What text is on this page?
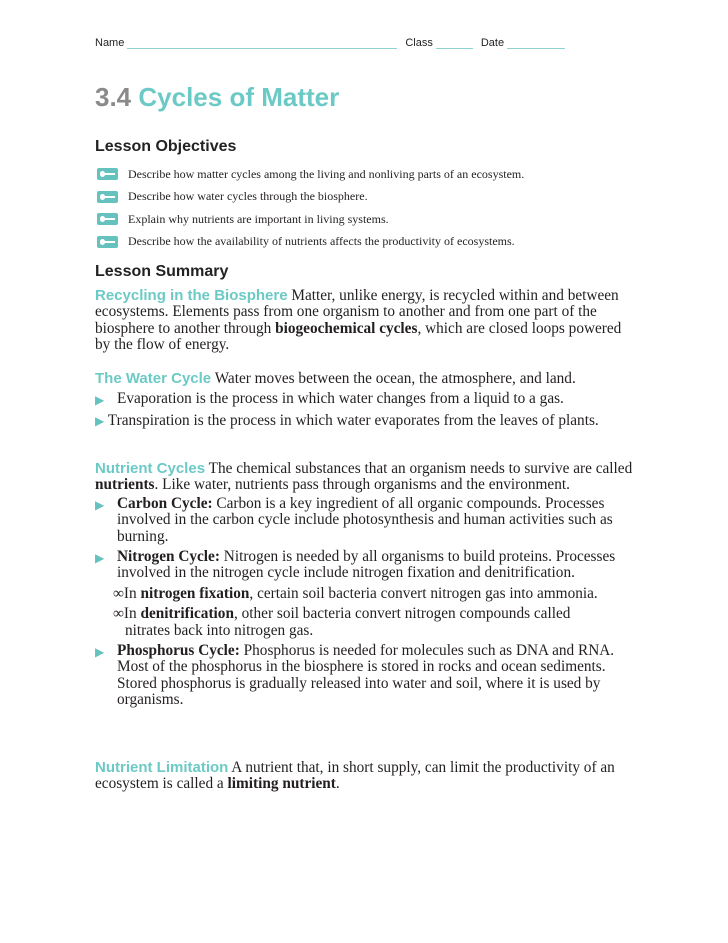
Name	Class	Date
3.4 Cycles of Matter
Lesson Objectives
Describe how matter cycles among the living and nonliving parts of an ecosystem.
Describe how water cycles through the biosphere.
Explain why nutrients are important in living systems.
Describe how the availability of nutrients affects the productivity of ecosystems.
Lesson Summary

Recycling in the Biosphere Matter, unlike energy, is recycled within and between ecosystems. Elements pass from one organism to another and from one part of the biosphere to another through biogeochemical cycles, which are closed loops powered by the flow of energy.

The Water Cycle Water moves between the ocean, the atmosphere, and land.

▶ Evaporation is the process in which water changes from a liquid to a gas.

▶ Transpiration is the process in which water evaporates from the leaves of plants.

Nutrient Cycles The chemical substances that an organism needs to survive are called nutrients. Like water, nutrients pass through organisms and the environment.

▶ Carbon Cycle: Carbon is a key ingredient of all organic compounds. Processes involved in the carbon cycle include photosynthesis and human activities such as burning.

▶ Nitrogen Cycle: Nitrogen is needed by all organisms to build proteins. Processes involved in the nitrogen cycle include nitrogen fixation and denitrification.

∞In nitrogen fixation, certain soil bacteria convert nitrogen gas into ammonia.

∞In denitrification, other soil bacteria convert nitrogen compounds called

nitrates back into nitrogen gas.

▶ Phosphorus Cycle: Phosphorus is needed for molecules such as DNA and RNA. Most of the phosphorus in the biosphere is stored in rocks and ocean sediments. Stored phosphorus is gradually released into water and soil, where it is used by organisms.

Nutrient Limitation A nutrient that, in short supply, can limit the productivity of an ecosystem is called a limiting nutrient.
